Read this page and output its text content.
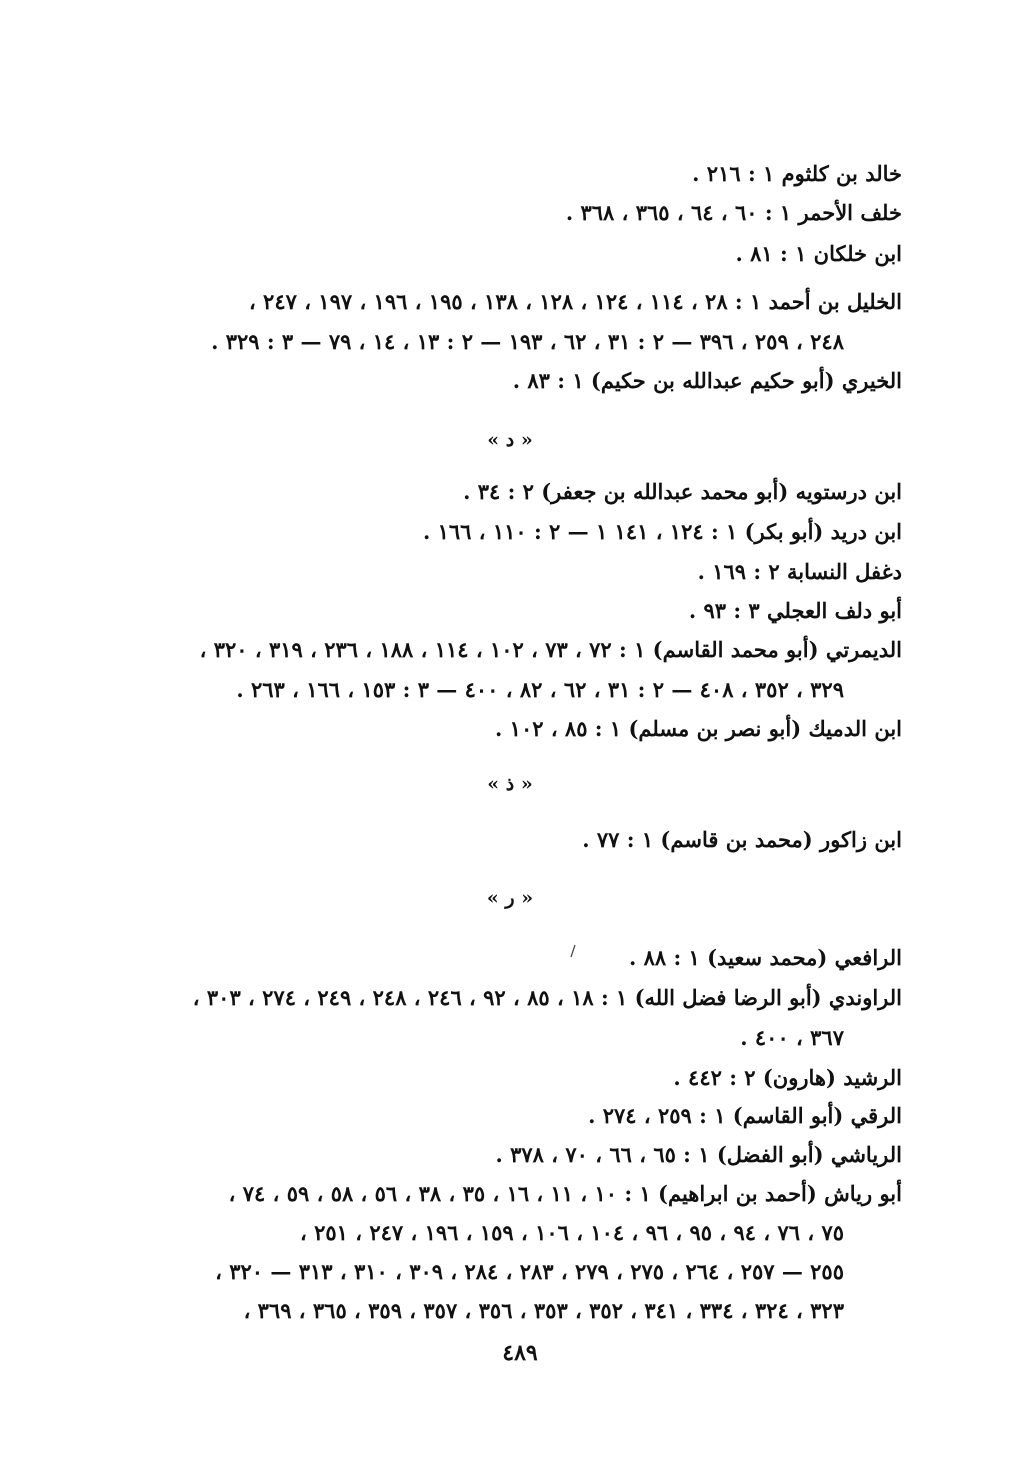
خالد بن كلثوم ١ : ٢١٦ .
خلف الأحمر ١ : ٦٠ ، ٦٤ ، ٣٦٥ ، ٣٦٨ .
ابن خلكان ١ : ٨١ .
الخليل بن أحمد ١ : ٢٨ ، ١١٤ ، ١٢٤ ، ١٢٨ ، ١٣٨ ، ١٩٥ ، ١٩٦ ، ١٩٧ ، ٢٤٧ ،
٢٤٨ ، ٢٥٩ ، ٣٩٦ — ٢ : ٣١ ، ٦٢ ، ١٩٣ — ٢ : ١٣ ، ١٤ ، ٧٩ — ٣ : ٣٢٩ .
الخيري (أبو حكيم عبدالله بن حكيم) ١ : ٨٣ .
« د »
ابن درستويه (أبو محمد عبدالله بن جعفر) ٢ : ٣٤ .
ابن دريد (أبو بكر) ١ : ١٢٤ ، ١٤١ ١ — ٢ : ١١٠ ، ١٦٦ .
دغفل النسابة ٢ : ١٦٩ .
أبو دلف العجلي ٣ : ٩٣ .
الديمرتي (أبو محمد القاسم) ١ : ٧٢ ، ٧٣ ، ١٠٢ ، ١١٤ ، ١٨٨ ، ٢٣٦ ، ٣١٩ ، ٣٢٠ ،
٣٢٩ ، ٣٥٢ ، ٤٠٨ — ٢ : ٣١ ، ٦٢ ، ٨٢ ، ٤٠٠ — ٣ : ١٥٣ ، ١٦٦ ، ٢٦٣ .
ابن الدميك (أبو نصر بن مسلم) ١ : ٨٥ ، ١٠٢ .
« ذ »
ابن زاكور (محمد بن قاسم) ١ : ٧٧ .
« ر »
الرافعي (محمد سعيد) ١ : ٨٨ .
الراوندي (أبو الرضا فضل الله) ١ : ١٨ ، ٨٥ ، ٩٢ ، ٢٤٦ ، ٢٤٨ ، ٢٤٩ ، ٢٧٤ ، ٣٠٣ ،
٣٦٧ ، ٤٠٠ .
الرشيد (هارون) ٢ : ٤٤٢ .
الرقي (أبو القاسم) ١ : ٢٥٩ ، ٢٧٤ .
الرياشي (أبو الفضل) ١ : ٦٥ ، ٦٦ ، ٧٠ ، ٣٧٨ .
أبو رياش (أحمد بن ابراهيم) ١ : ١٠ ، ١١ ، ١٦ ، ٣٥ ، ٣٨ ، ٥٦ ، ٥٨ ، ٥٩ ، ٧٤ ،
٧٥ ، ٧٦ ، ٩٤ ، ٩٥ ، ٩٦ ، ١٠٤ ، ١٠٦ ، ١٥٩ ، ١٩٦ ، ٢٤٧ ، ٢٥١ ،
٢٥٥ — ٢٥٧ ، ٢٦٤ ، ٢٧٥ ، ٢٧٩ ، ٢٨٣ ، ٢٨٤ ، ٣٠٩ ، ٣١٠ ، ٣١٣ — ٣٢٠ ،
٣٢٣ ، ٣٢٤ ، ٣٣٤ ، ٣٤١ ، ٣٥٢ ، ٣٥٣ ، ٣٥٦ ، ٣٥٧ ، ٣٥٩ ، ٣٦٥ ، ٣٦٩ ،
٤٨٩
